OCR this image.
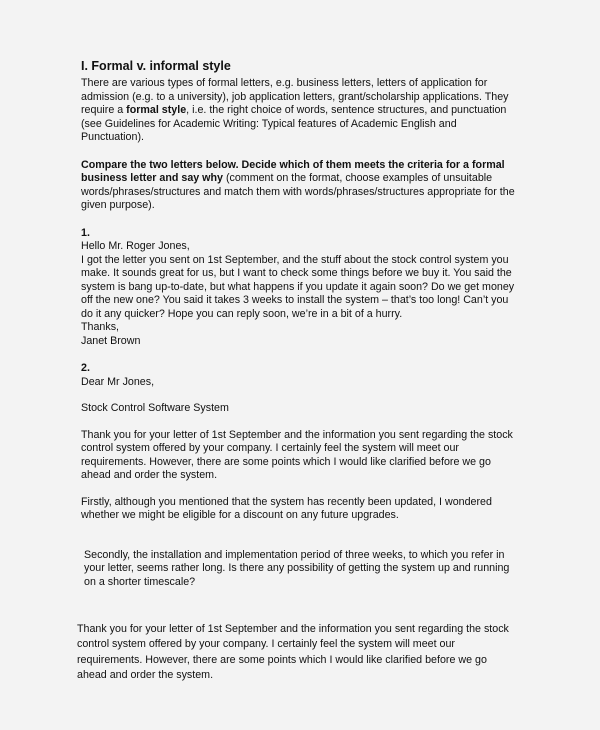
I. Formal v. informal style

There are various types of formal letters, e.g. business letters, letters of application for admission (e.g. to a university), job application letters, grant/scholarship applications. They require a formal style, i.e. the right choice of words, sentence structures, and punctuation (see Guidelines for Academic Writing: Typical features of Academic English and Punctuation).

Compare the two letters below. Decide which of them meets the criteria for a formal business letter and say why (comment on the format, choose examples of unsuitable words/phrases/structures and match them with words/phrases/structures appropriate for the given purpose).

1.

Hello Mr. Roger Jones,

I got the letter you sent on 1st September, and the stuff about the stock control system you make. It sounds great for us, but I want to check some things before we buy it. You said the system is bang up-to-date, but what happens if you update it again soon? Do we get money off the new one? You said it takes 3 weeks to install the system – that’s too long! Can’t you do it any quicker? Hope you can reply soon, we’re in a bit of a hurry.

Thanks,

Janet Brown

2.

Dear Mr Jones,

Stock Control Software System

Thank you for your letter of 1st September and the information you sent regarding the stock control system offered by your company. I certainly feel the system will meet our requirements. However, there are some points which I would like clarified before we go ahead and order the system.

Firstly, although you mentioned that the system has recently been updated, I wondered whether we might be eligible for a discount on any future upgrades.

Secondly, the installation and implementation period of three weeks, to which you refer in your letter, seems rather long. Is there any possibility of getting the system up and running on a shorter timescale?

Thank you for your letter of 1st September and the information you sent regarding the stock control system offered by your company. I certainly feel the system will meet our requirements. However, there are some points which I would like clarified before we go ahead and order the system.
